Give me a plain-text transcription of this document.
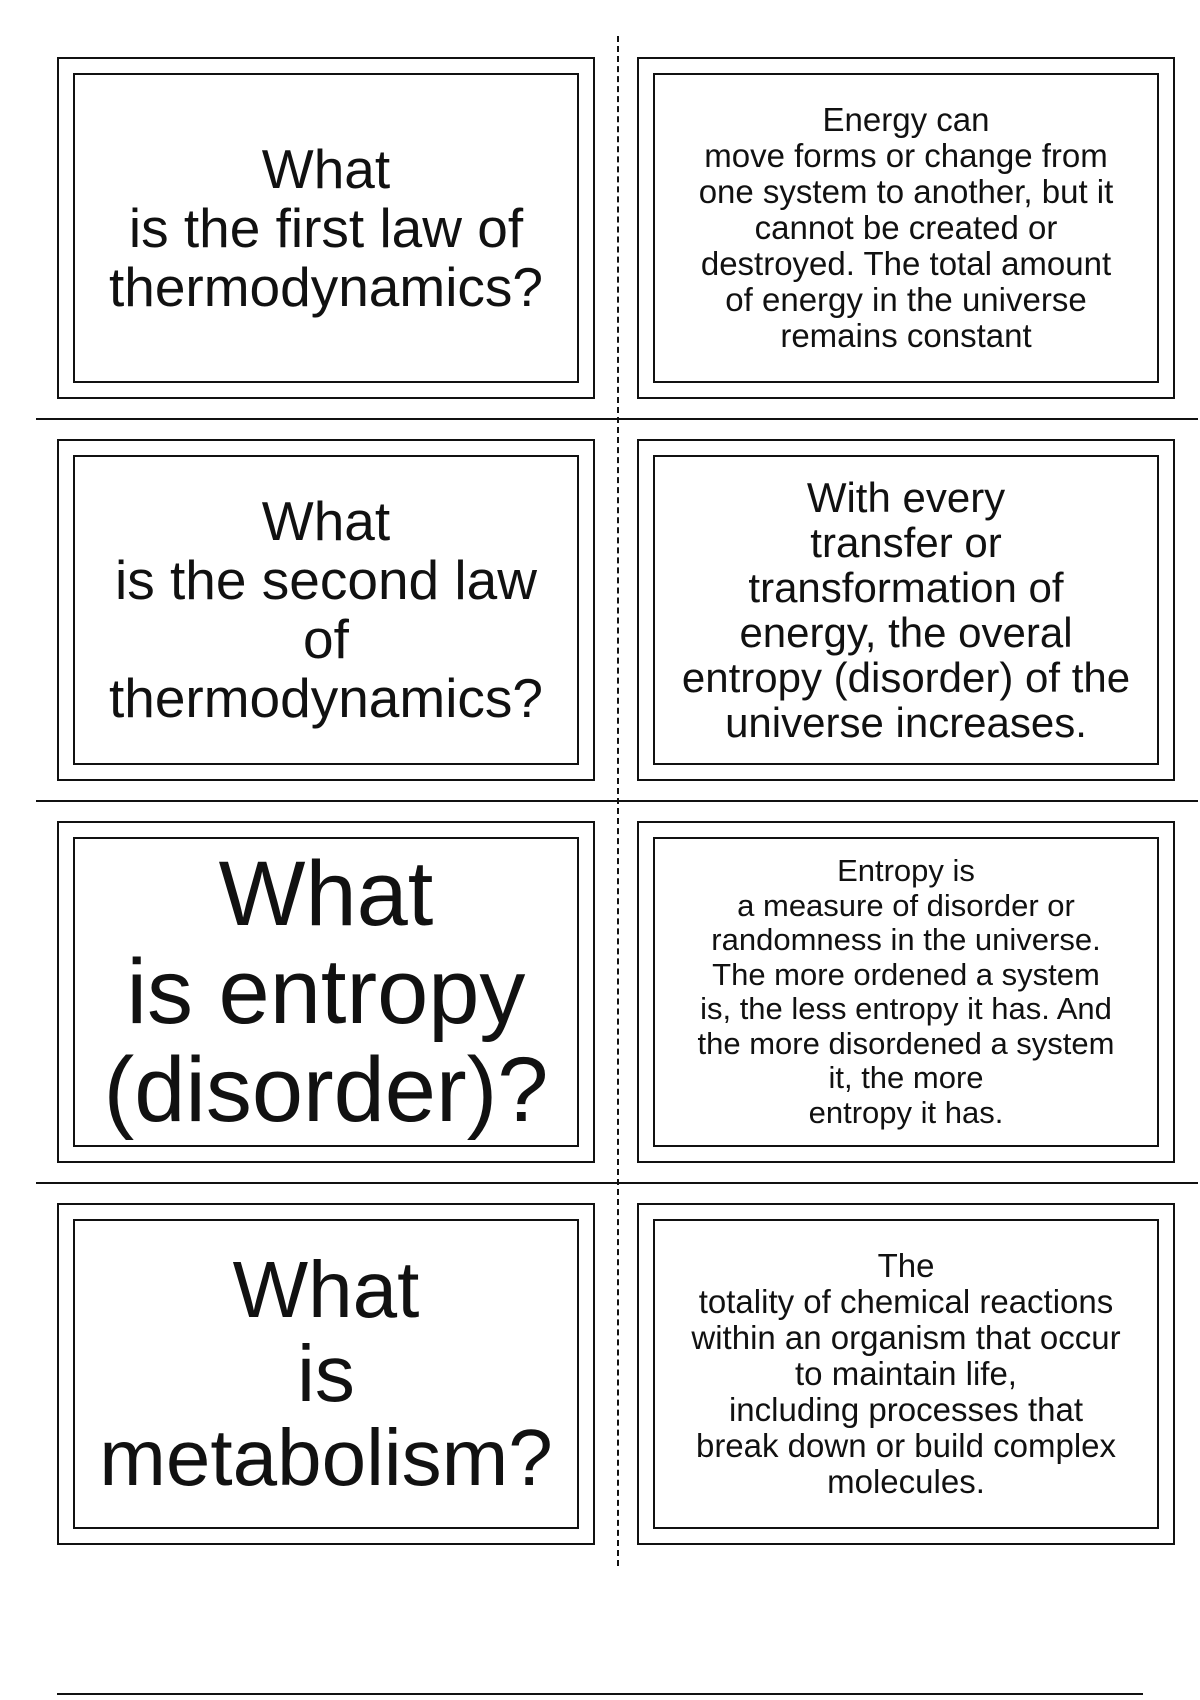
What
is the first law of
thermodynamics?
Energy can
move forms or change from
one system to another, but it
cannot be created or
destroyed. The total amount
of energy in the universe
remains constant
What
is the second law
of
thermodynamics?
With every
transfer or
transformation of
energy, the overal
entropy (disorder) of the
universe increases.
What
is entropy
(disorder)?
Entropy is
a measure of disorder or
randomness in the universe.
The more ordened a system
is, the less entropy it has. And
the more disordened a system
it, the more
entropy it has.
What
is
metabolism?
The
totality of chemical reactions
within an organism that occur
to maintain life,
including processes that
break down or build complex
molecules.
